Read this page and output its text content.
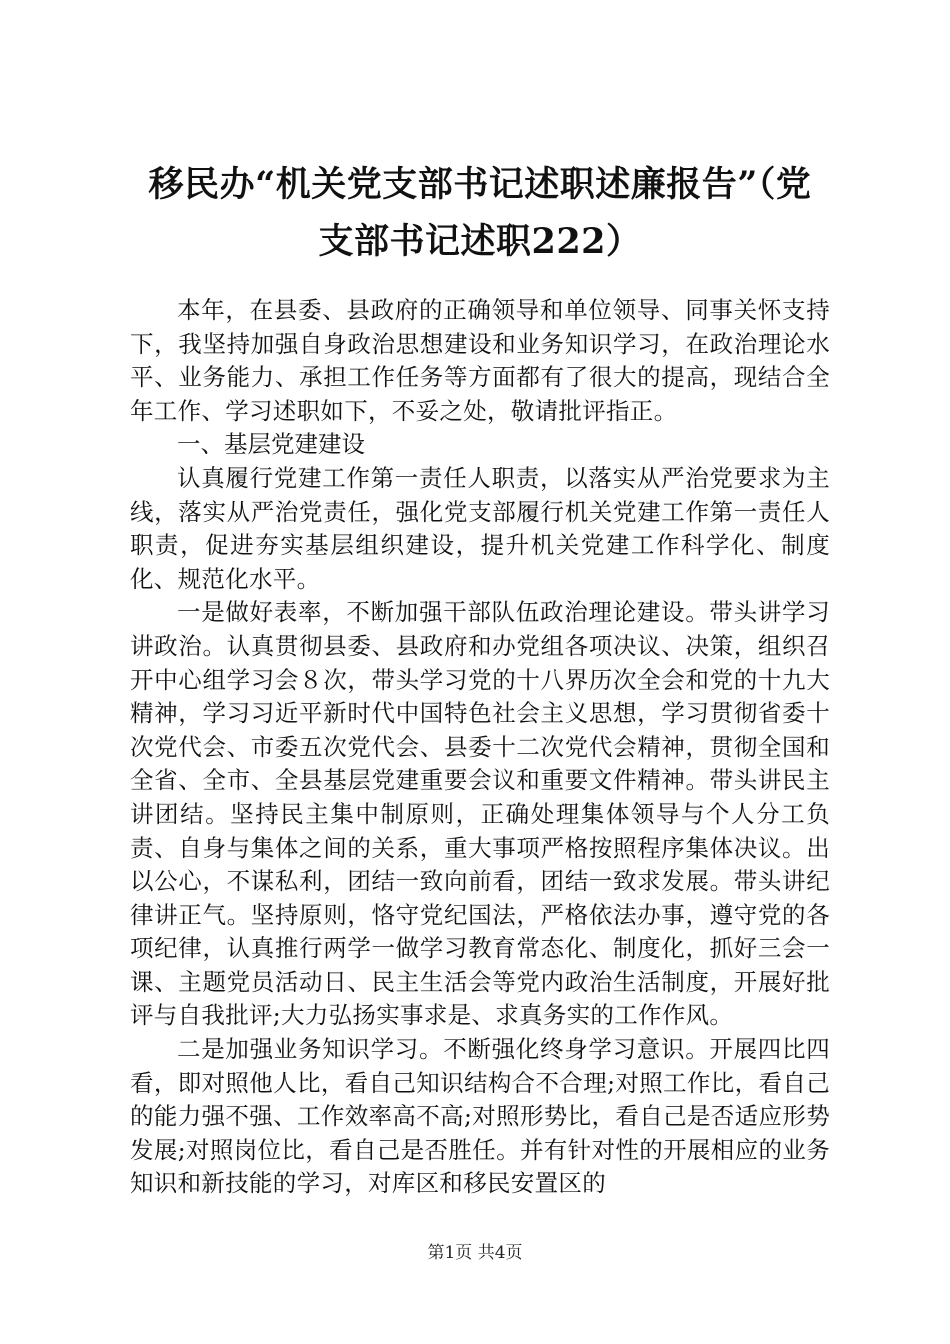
移民办“机关党支部书记述职述廉报告”（党
支部书记述职222）

本年，在县委、县政府的正确领导和单位领导、同事关怀支持下，我坚持加强自身政治思想建设和业务知识学习，在政治理论水平、业务能力、承担工作任务等方面都有了很大的提高，现结合全年工作、学习述职如下，不妥之处，敬请批评指正。

一、基层党建建设

认真履行党建工作第一责任人职责，以落实从严治党要求为主线，落实从严治党责任，强化党支部履行机关党建工作第一责任人职责，促进夯实基层组织建设，提升机关党建工作科学化、制度化、规范化水平。

一是做好表率，不断加强干部队伍政治理论建设。带头讲学习讲政治。认真贯彻县委、县政府和办党组各项决议、决策，组织召开中心组学习会８次，带头学习党的十八界历次全会和党的十九大精神，学习习近平新时代中国特色社会主义思想，学习贯彻省委十次党代会、市委五次党代会、县委十二次党代会精神，贯彻全国和全省、全市、全县基层党建重要会议和重要文件精神。带头讲民主讲团结。坚持民主集中制原则，正确处理集体领导与个人分工负责、自身与集体之间的关系，重大事项严格按照程序集体决议。出以公心，不谋私利，团结一致向前看，团结一致求发展。带头讲纪律讲正气。坚持原则，恪守党纪国法，严格依法办事，遵守党的各项纪律，认真推行两学一做学习教育常态化、制度化，抓好三会一课、主题党员活动日、民主生活会等党内政治生活制度，开展好批评与自我批评;大力弘扬实事求是、求真务实的工作作风。

二是加强业务知识学习。不断强化终身学习意识。开展四比四看，即对照他人比，看自己知识结构合不合理;对照工作比，看自己的能力强不强、工作效率高不高;对照形势比，看自己是否适应形势发展;对照岗位比，看自己是否胜任。并有针对性的开展相应的业务知识和新技能的学习，对库区和移民安置区的

第1页 共4页
